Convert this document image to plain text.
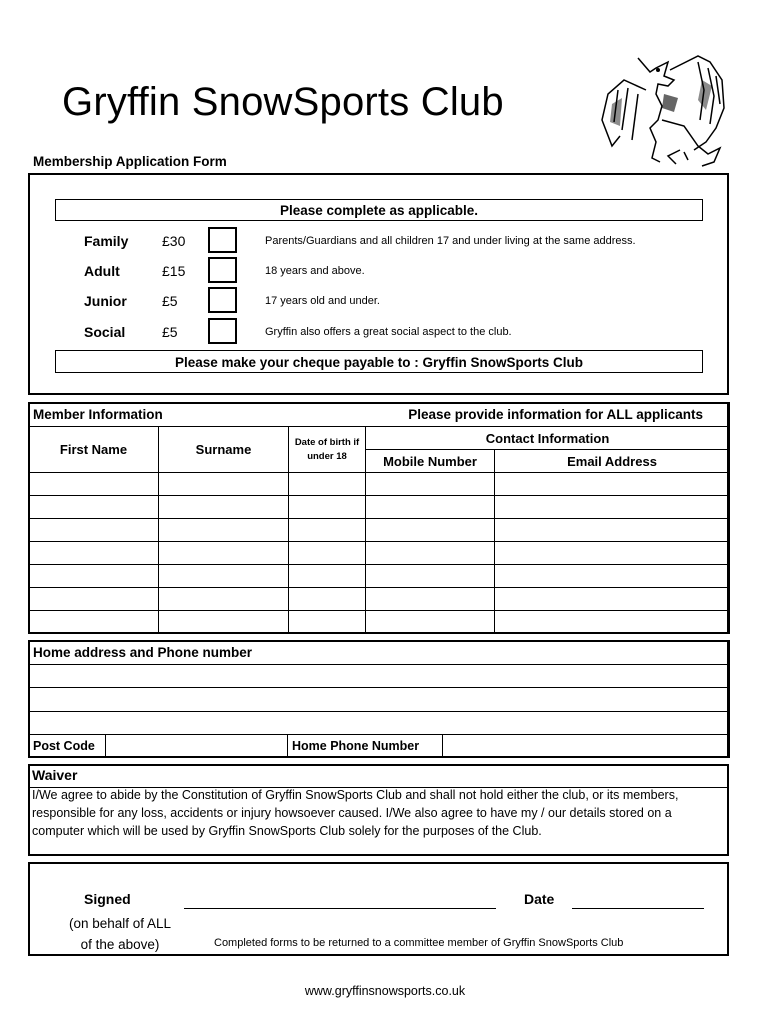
Gryffin SnowSports Club
Membership Application Form
Please complete as applicable.
Family £30	Parents/Guardians and all children 17 and under living at the same address.
Adult	£15	18 years and above.
Junior	£5	17 years old and under.
Social	£5	Gryffin also offers a great social aspect to the club.
Please make your cheque payable to : Gryffin SnowSports Club
Member Information			Please provide information for ALL applicants	
First Name	Surname	Date of birth if under 18	Contact Information	
			Mobile Number	Email Address

Home address and Phone number

Post Code		Home Phone Number	
Waiver
I/We agree to abide by the Constitution of Gryffin SnowSports Club and shall not hold either the club, or its members, responsible for any loss, accidents or injury howsoever caused. I/We also agree to have my / our details stored on a computer which will be used by Gryffin SnowSports Club solely for the purposes of the Club.
Signed
(on behalf of ALL
of the above)
Date
Completed forms to be returned to a committee member of Gryffin SnowSports Club
www.gryffinsnowsports.co.uk
